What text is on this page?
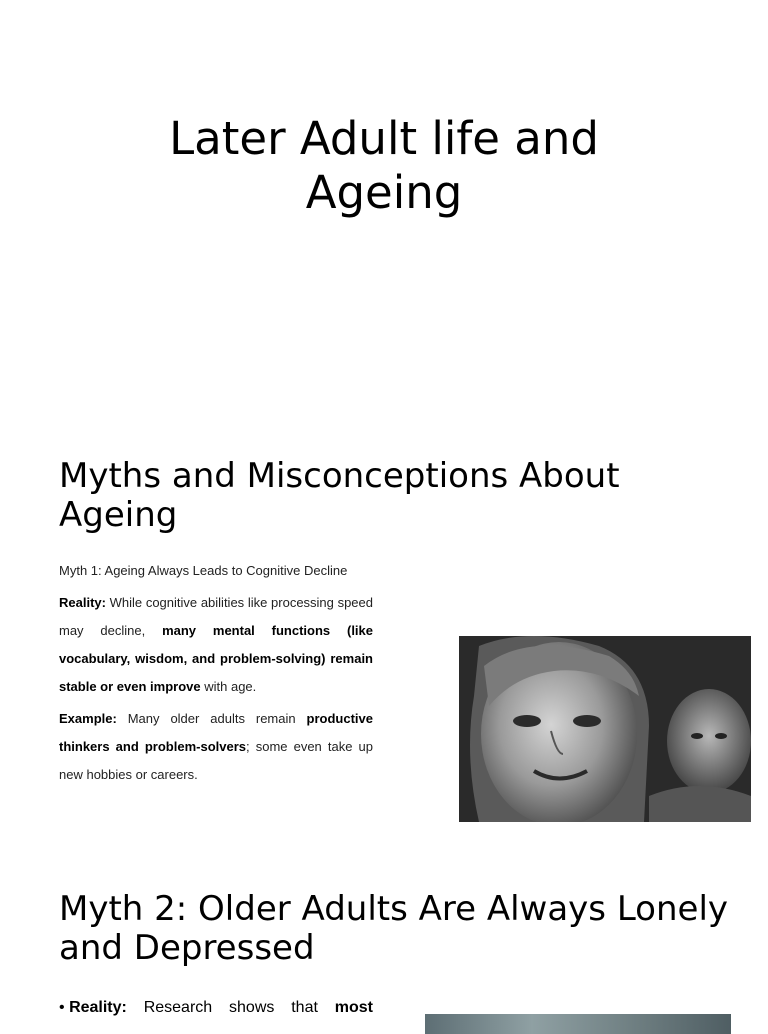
Later Adult life and Ageing
Myths and Misconceptions About Ageing
Myth 1: Ageing Always Leads to Cognitive Decline
Reality: While cognitive abilities like processing speed may decline, many mental functions (like vocabulary, wisdom, and problem-solving) remain stable or even improve with age.
Example: Many older adults remain productive thinkers and problem-solvers; some even take up new hobbies or careers.
Myth 2: Older Adults Are Always Lonely and Depressed
• Reality: Research shows that most
